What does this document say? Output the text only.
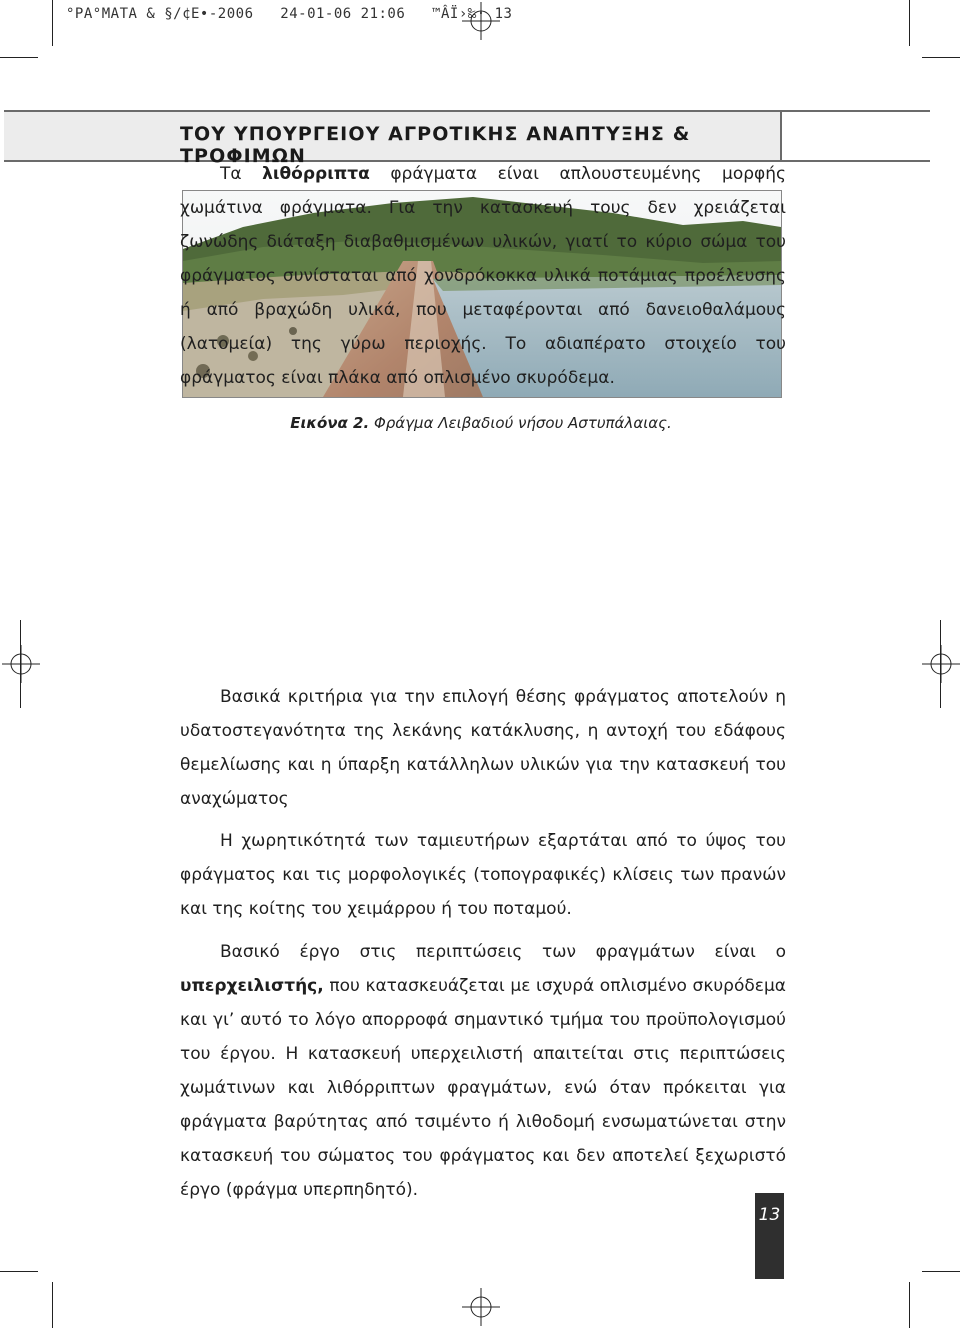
°PA°MATA & §/¢E•-2006   24-01-06 21:06   ™ÂÏ›‰· 13
ΤΟΥ ΥΠΟΥΡΓΕΙΟΥ ΑΓΡΟΤΙΚΗΣ ΑΝΑΠΤΥΞΗΣ & ΤΡΟΦΙΜΩΝ
Εικόνα 2. Φράγμα Λειβαδιού νήσου Αστυπάλαιας.
Τα λιθόρριπτα φράγματα είναι απλουστευμένης μορφής χωμάτινα φράγματα. Για την κατασκευή τους δεν χρειάζεται ζωνώδης διάταξη διαβαθμισμένων υλικών, γιατί το κύριο σώμα του φράγματος συνίσταται από χονδρόκοκκα υλικά ποτάμιας προέλευσης ή από βραχώδη υλικά, που μεταφέρονται από δανειοθαλάμους (λατομεία) της γύρω περιοχής. Το αδιαπέρατο στοιχείο του φράγματος είναι πλάκα από οπλισμένο σκυρόδεμα.
Βασικά κριτήρια για την επιλογή θέσης φράγματος αποτελούν η υδατοστεγανότητα της λεκάνης κατάκλυσης, η αντοχή του εδάφους θεμελίωσης και η ύπαρξη κατάλληλων υλικών για την κατασκευή του αναχώματος
Η χωρητικότητά των ταμιευτήρων εξαρτάται από το ύψος του φράγματος και τις μορφολογικές (τοπογραφικές) κλίσεις των πρανών και της κοίτης του χειμάρρου ή του ποταμού.
Βασικό έργο στις περιπτώσεις των φραγμάτων είναι ο υπερχειλιστής, που κατασκευάζεται με ισχυρά οπλισμένο σκυρόδεμα και γι’ αυτό το λόγο απορροφά σημαντικό τμήμα του προϋπολογισμού του έργου. Η κατασκευή υπερχειλιστή απαιτείται στις περιπτώσεις χωμάτινων και λιθόρριπτων φραγμάτων, ενώ όταν πρόκειται για φράγματα βαρύτητας από τσιμέντο ή λιθοδομή ενσωματώνεται στην κατασκευή του σώματος του φράγματος και δεν αποτελεί ξεχωριστό έργο (φράγμα υπερπηδητό).
13
